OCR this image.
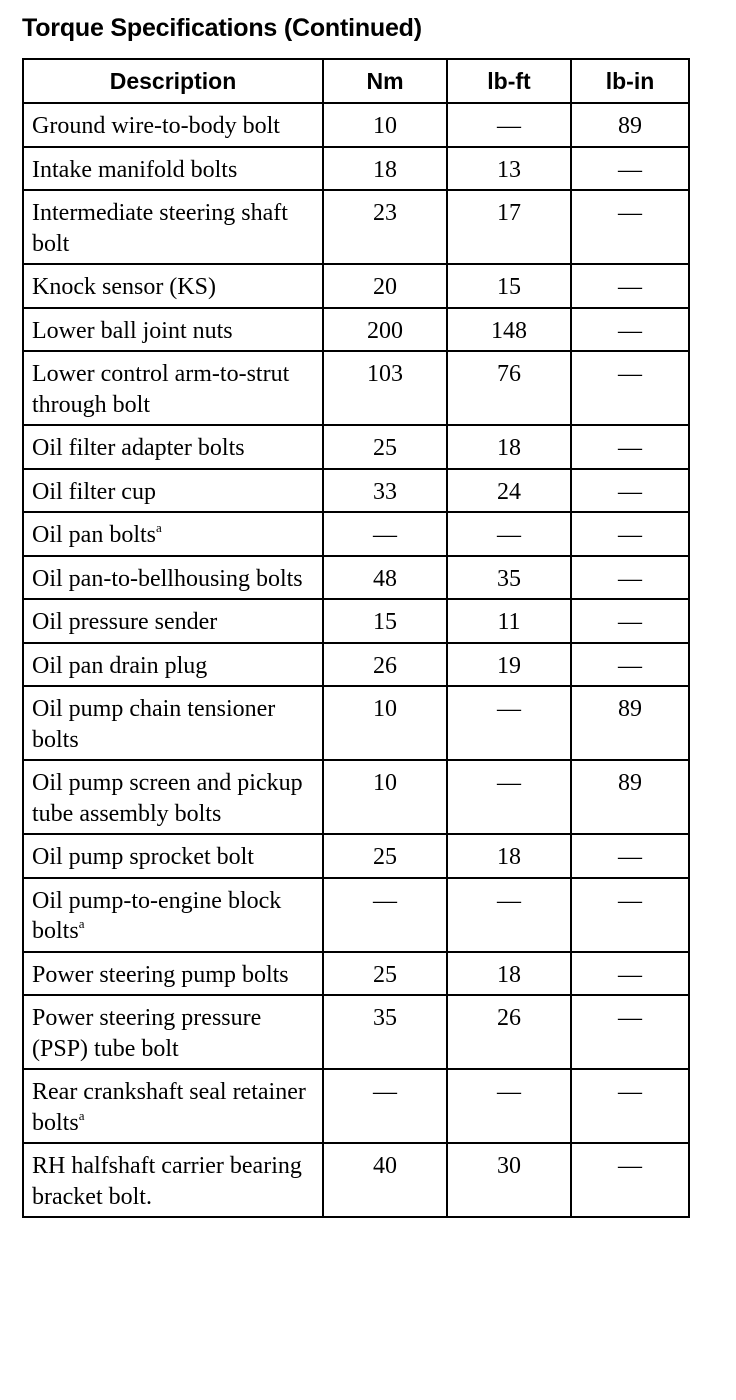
Torque Specifications (Continued)
Description	Nm	lb-ft	lb-in
Ground wire-to-body bolt	10	—	89
Intake manifold bolts	18	13	—
Intermediate steering shaft bolt	23	17	—
Knock sensor (KS)	20	15	—
Lower ball joint nuts	200	148	—
Lower control arm-to-strut through bolt	103	76	—
Oil filter adapter bolts	25	18	—
Oil filter cup	33	24	—
Oil pan bolts$^a$	—	—	—
Oil pan-to-bellhousing bolts	48	35	—
Oil pressure sender	15	11	—
Oil pan drain plug	26	19	—
Oil pump chain tensioner bolts	10	—	89
Oil pump screen and pickup tube assembly bolts	10	—	89
Oil pump sprocket bolt	25	18	—
Oil pump-to-engine block bolts$^a$	—	—	—
Power steering pump bolts	25	18	—
Power steering pressure (PSP) tube bolt	35	26	—
Rear crankshaft seal retainer bolts$^a$	—	—	—
RH halfshaft carrier bearing bracket bolt.	40	30	—
